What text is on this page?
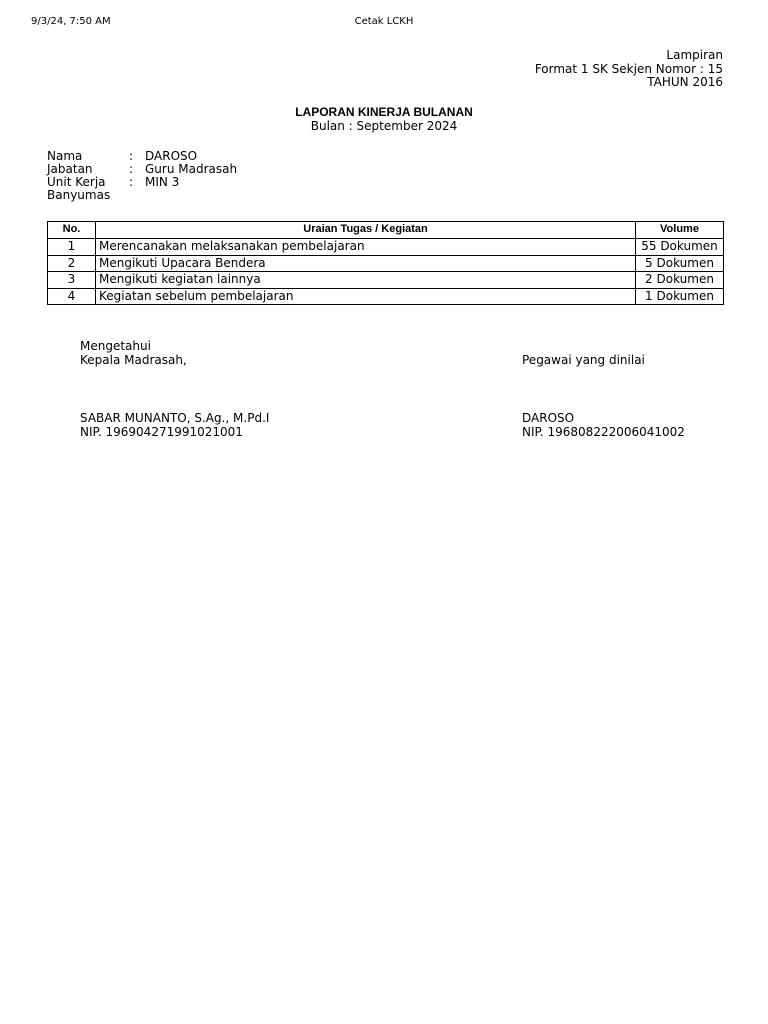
9/3/24, 7:50 AM	Cetak LCKH
Lampiran
Format 1 SK Sekjen Nomor : 15
TAHUN 2016
LAPORAN KINERJA BULANAN
Bulan : September 2024
Nama	: DAROSO
Jabatan	: Guru Madrasah
Unit Kerja	: MIN 3
Banyumas
No.	Uraian Tugas / Kegiatan	Volume
1	Merencanakan melaksanakan pembelajaran	55 Dokumen
2	Mengikuti Upacara Bendera	5 Dokumen
3	Mengikuti kegiatan lainnya	2 Dokumen
4	Kegiatan sebelum pembelajaran	1 Dokumen
Mengetahui
Kepala Madrasah,
SABAR MUNANTO, S.Ag., M.Pd.I
NIP. 196904271991021001
Pegawai yang dinilai
DAROSO
NIP. 196808222006041002
